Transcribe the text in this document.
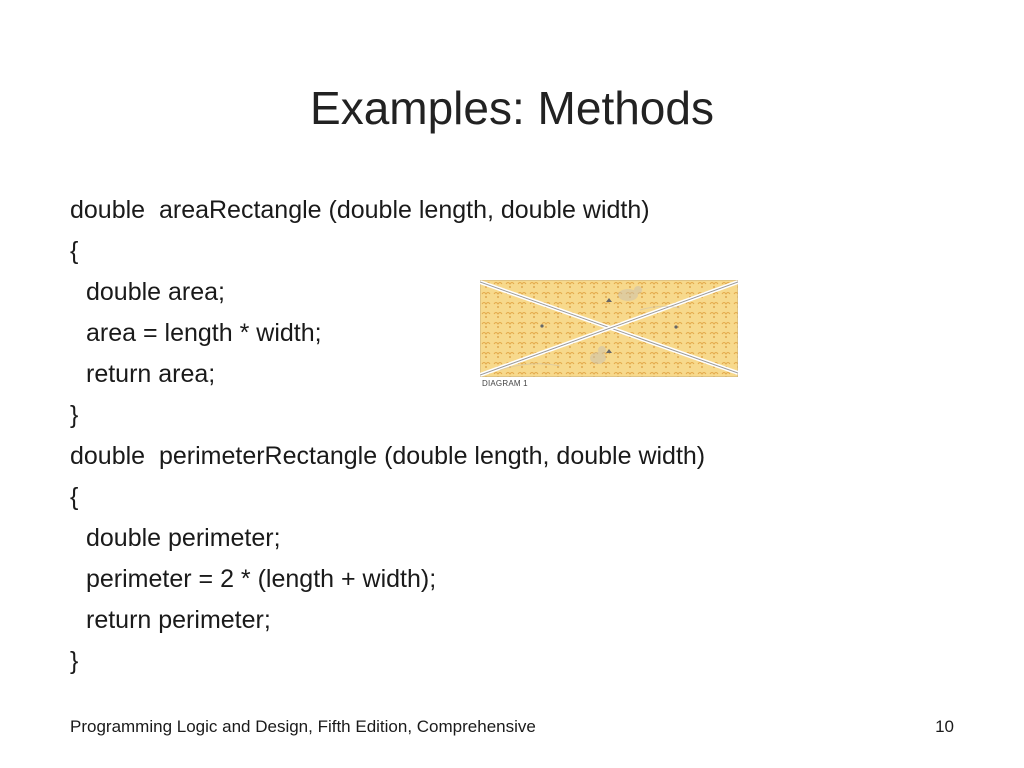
Examples: Methods
double  areaRectangle (double length, double width)
{
double area;
area = length * width;
return area;
}
double  perimeterRectangle (double length, double width)
{
double perimeter;
perimeter = 2 * (length + width);
return perimeter;
}
DIAGRAM 1
Programming Logic and Design, Fifth Edition, Comprehensive	10
